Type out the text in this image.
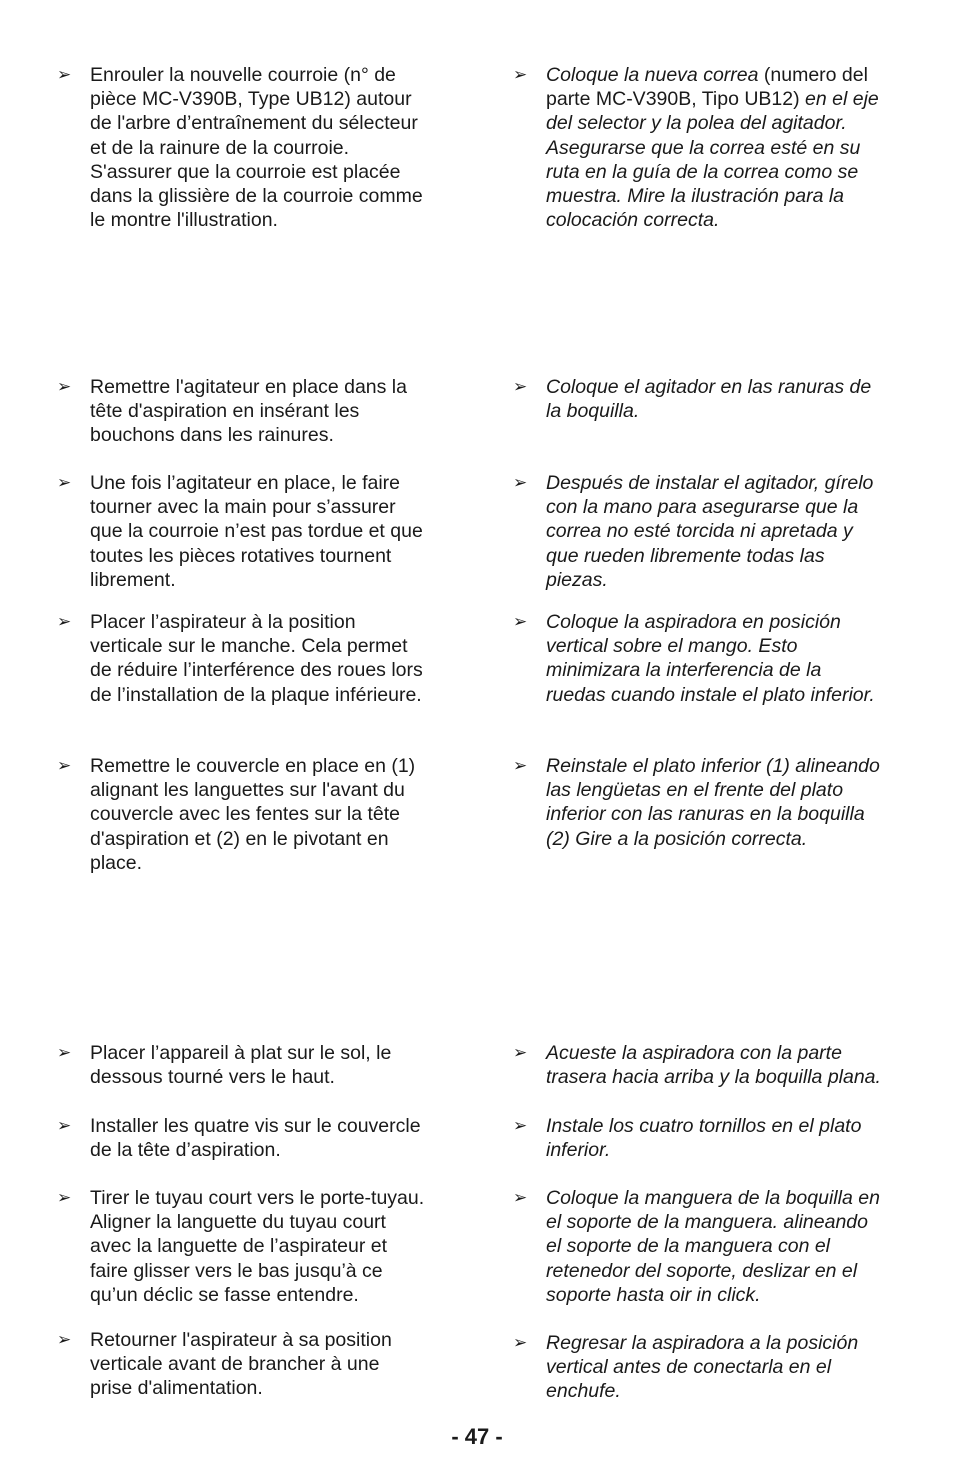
➢ Enrouler la nouvelle courroie (n° de
pièce MC-V390B, Type UB12) autour
de l'arbre d’entraînement du sélecteur
et de la rainure de la courroie.
S'assurer que la courroie est placée
dans la glissière de la courroie comme
le montre l'illustration.
➢ Remettre l'agitateur en place dans la
tête d'aspiration en insérant les
bouchons dans les rainures.
➢ Une fois l’agitateur en place, le faire
tourner avec la main pour s’assurer
que la courroie n’est pas tordue et que
toutes les pièces rotatives tournent
librement.
➢ Placer l’aspirateur à la position
verticale sur le manche. Cela permet
de réduire l’interférence des roues lors
de l’installation de la plaque inférieure.
➢ Remettre le couvercle en place en (1)
alignant les languettes sur l'avant du
couvercle avec les fentes sur la tête
d'aspiration et (2) en le pivotant en
place.
➢ Placer l’appareil à plat sur le sol, le
dessous tourné vers le haut.
➢ Installer les quatre vis sur le couvercle
de la tête d’aspiration.
➢ Tirer le tuyau court vers le porte-tuyau.
Aligner la languette du tuyau court
avec la languette de l’aspirateur et
faire glisser vers le bas jusqu’à ce
qu’un déclic se fasse entendre.
➢ Retourner l'aspirateur à sa position
verticale avant de brancher à une
prise d'alimentation.
➢ Coloque la nueva correa (numero del
parte MC-V390B, Tipo UB12) en el eje
del selector y la polea del agitador.
Asegurarse que la correa esté en su
ruta en la guía de la correa como se
muestra. Mire la ilustración para la
colocación correcta.
➢ Coloque el agitador en las ranuras de
la boquilla.
➢ Después de instalar el agitador, gírelo
con la mano para asegurarse que la
correa no esté torcida ni apretada y
que rueden libremente todas las
piezas.
➢ Coloque la aspiradora en posición
vertical sobre el mango. Esto
minimizara la interferencia de la
ruedas cuando instale el plato inferior.
➢ Reinstale el plato inferior (1) alineando
las lengüetas en el frente del plato
inferior con las ranuras en la boquilla
(2) Gire a la posición correcta.
➢ Acueste la aspiradora con la parte
trasera hacia arriba y la boquilla plana.
➢ Instale los cuatro tornillos en el plato
inferior.
➢ Coloque la manguera de la boquilla en
el soporte de la manguera. alineando
el soporte de la manguera con el
retenedor del soporte, deslizar en el
soporte hasta oir in click.
➢ Regresar la aspiradora a la posición
vertical antes de conectarla en el
enchufe.
- 47 -
